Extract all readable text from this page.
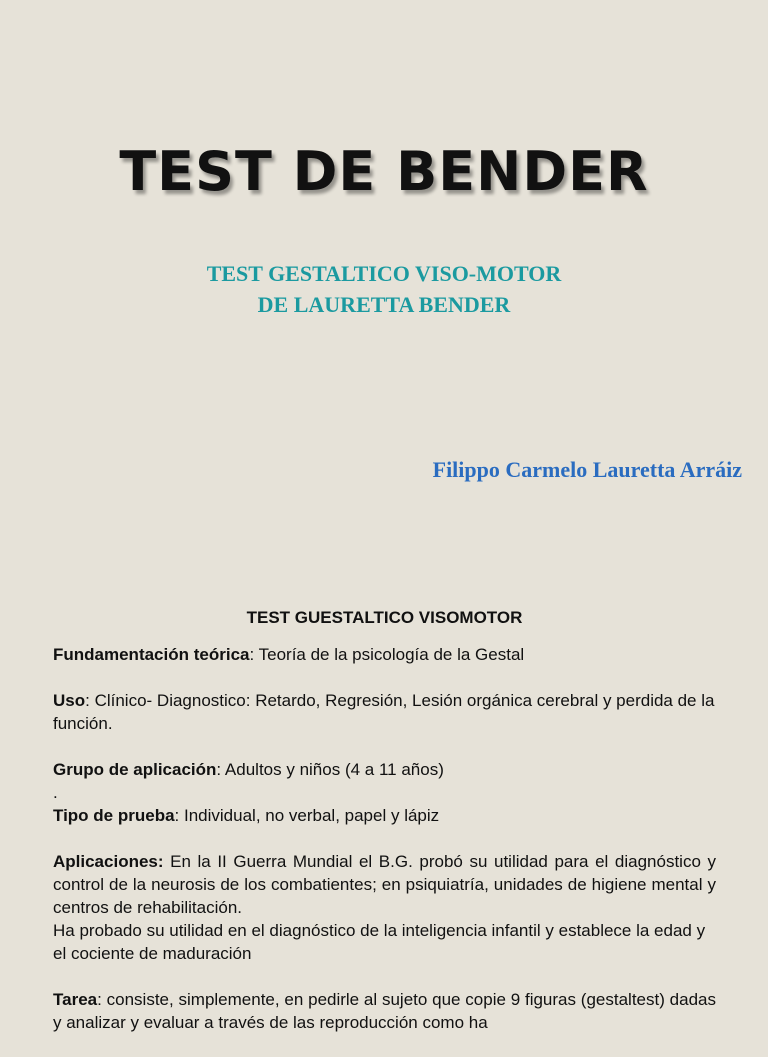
TEST DE BENDER
TEST GESTALTICO VISO-MOTOR
DE LAURETTA BENDER
Filippo Carmelo Lauretta Arráiz
TEST GUESTALTICO VISOMOTOR

Fundamentación teórica: Teoría de la psicología de la Gestal

Uso: Clínico- Diagnostico: Retardo, Regresión, Lesión orgánica cerebral y perdida de la función.

Grupo de aplicación: Adultos y niños (4 a 11 años)

.

Tipo de prueba: Individual, no verbal, papel y lápiz

Aplicaciones: En la II Guerra Mundial el B.G. probó su utilidad para el diagnóstico y control de la neurosis de los combatientes; en psiquiatría, unidades de higiene mental y centros de rehabilitación.

Ha probado su utilidad en el diagnóstico de la inteligencia infantil y establece la edad y el cociente de maduración

Tarea: consiste, simplemente, en pedirle al sujeto que copie 9 figuras (gestaltest) dadas y analizar y evaluar a través de las reproducción como ha
